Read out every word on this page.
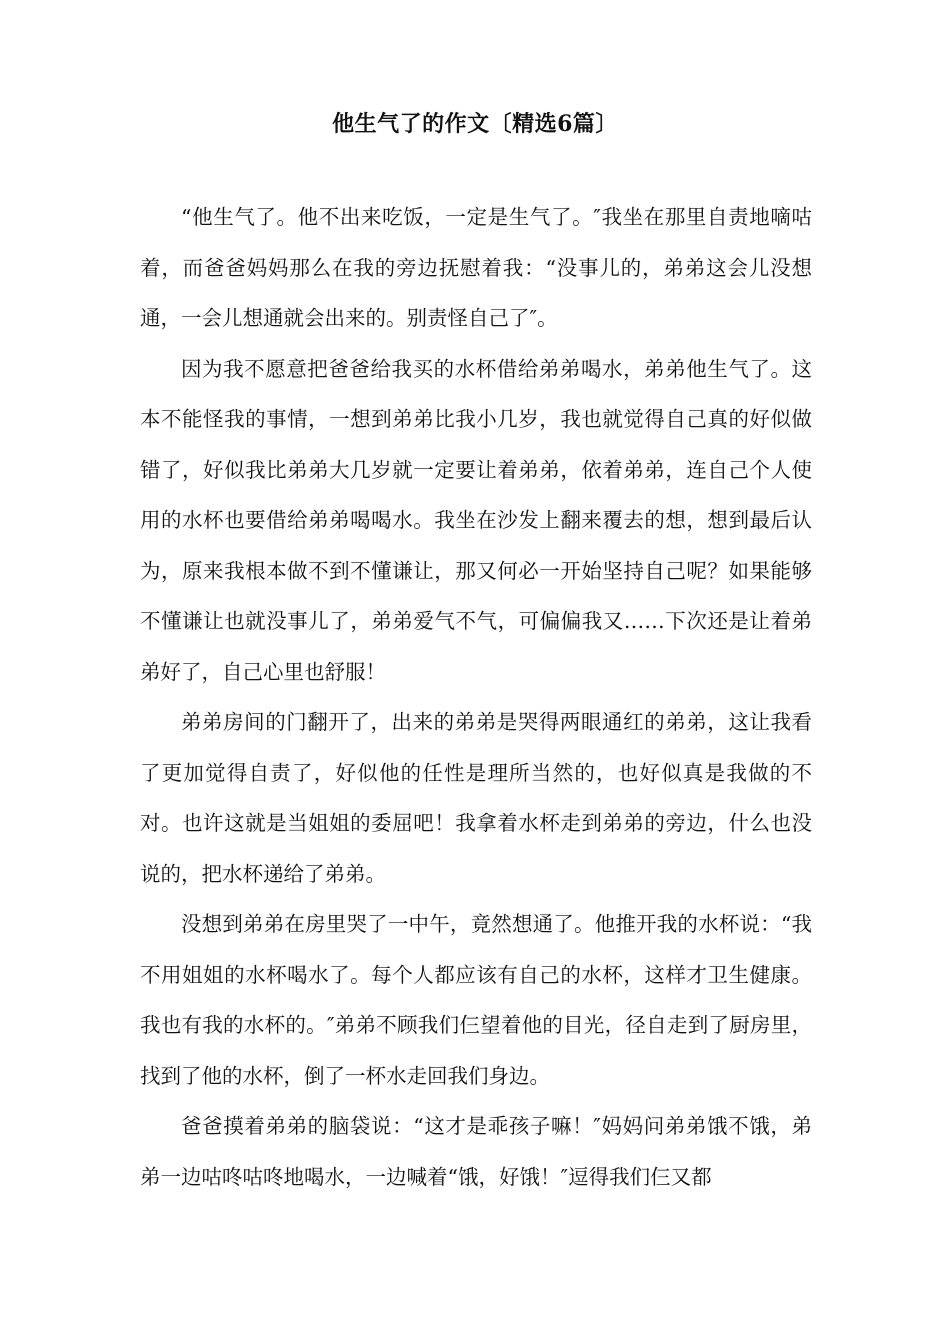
他生气了的作文〔精选6篇〕

“他生气了。他不出来吃饭，一定是生气了。″我坐在那里自责地嘀咕着，而爸爸妈妈那么在我的旁边抚慰着我：“没事儿的，弟弟这会儿没想通，一会儿想通就会出来的。别责怪自己了″。

因为我不愿意把爸爸给我买的水杯借给弟弟喝水，弟弟他生气了。这本不能怪我的事情，一想到弟弟比我小几岁，我也就觉得自己真的好似做错了，好似我比弟弟大几岁就一定要让着弟弟，依着弟弟，连自己个人使用的水杯也要借给弟弟喝喝水。我坐在沙发上翻来覆去的想，想到最后认为，原来我根本做不到不懂谦让，那又何必一开始坚持自己呢？如果能够不懂谦让也就没事儿了，弟弟爱气不气，可偏偏我又……下次还是让着弟弟好了，自己心里也舒服！

弟弟房间的门翻开了，出来的弟弟是哭得两眼通红的弟弟，这让我看了更加觉得自责了，好似他的任性是理所当然的，也好似真是我做的不对。也许这就是当姐姐的委屈吧！我拿着水杯走到弟弟的旁边，什么也没说的，把水杯递给了弟弟。

没想到弟弟在房里哭了一中午，竟然想通了。他推开我的水杯说：“我不用姐姐的水杯喝水了。每个人都应该有自己的水杯，这样才卫生健康。我也有我的水杯的。″弟弟不顾我们仨望着他的目光，径自走到了厨房里，找到了他的水杯，倒了一杯水走回我们身边。

爸爸摸着弟弟的脑袋说：“这才是乖孩子嘛！″妈妈问弟弟饿不饿，弟弟一边咕咚咕咚地喝水，一边喊着“饿，好饿！″逗得我们仨又都
